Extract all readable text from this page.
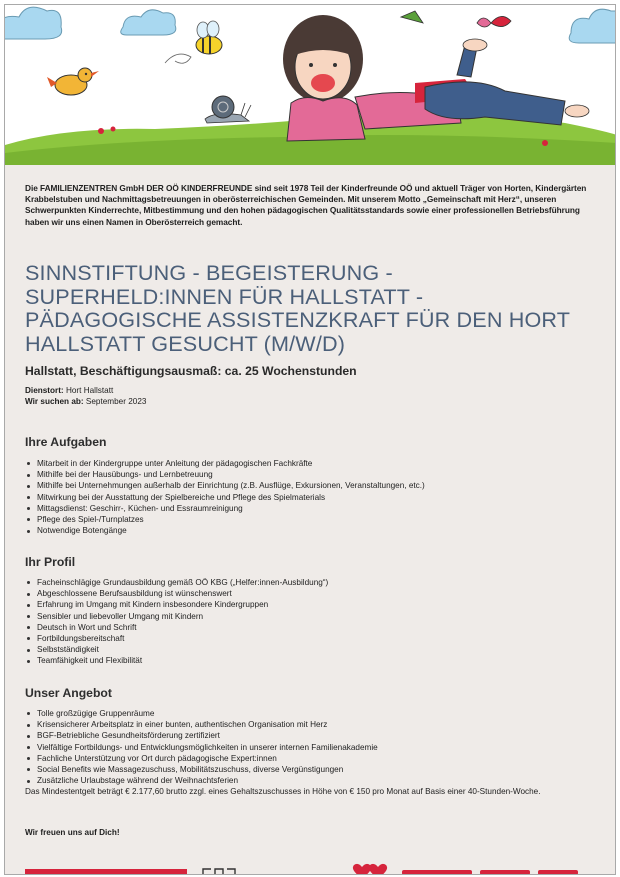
Die FAMILIENZENTREN GmbH DER OÖ KINDERFREUNDE sind seit 1978 Teil der Kinderfreunde OÖ und aktuell Träger von Horten, Kindergärten Krabbelstuben und Nachmittagsbetreuungen in oberösterreichischen Gemeinden. Mit unserem Motto „Gemeinschaft mit Herz“, unseren Schwerpunkten Kinderrechte, Mitbestimmung und den hohen pädagogischen Qualitätsstandards sowie einer professionellen Betriebsführung haben wir uns einen Namen in Oberösterreich gemacht.

SINNSTIFTUNG - BEGEISTERUNG - SUPERHELD:INNEN FÜR HALLSTATT - PÄDAGOGISCHE ASSISTENZKRAFT FÜR DEN HORT HALLSTATT GESUCHT (M/W/D)
Hallstatt, Beschäftigungsausmaß: ca. 25 Wochenstunden
Dienstort: Hort Hallstatt
Wir suchen ab: September 2023
Ihre Aufgaben
Mitarbeit in der Kindergruppe unter Anleitung der pädagogischen Fachkräfte
Mithilfe bei der Hausübungs- und Lernbetreuung
Mithilfe bei Unternehmungen außerhalb der Einrichtung (z.B. Ausflüge, Exkursionen, Veranstaltungen, etc.)
Mitwirkung bei der Ausstattung der Spielbereiche und Pflege des Spielmaterials
Mittagsdienst: Geschirr-, Küchen- und Essraumreinigung
Pflege des Spiel-/Turnplatzes
Notwendige Botengänge
Ihr Profil
Facheinschlägige Grundausbildung gemäß OÖ KBG („Helfer:innen-Ausbildung“)
Abgeschlossene Berufsausbildung ist wünschenswert
Erfahrung im Umgang mit Kindern insbesondere Kindergruppen
Sensibler und liebevoller Umgang mit Kindern
Deutsch in Wort und Schrift
Fortbildungsbereitschaft
Selbstständigkeit
Teamfähigkeit und Flexibilität
Unser Angebot
Tolle großzügige Gruppenräume
Krisensicherer Arbeitsplatz in einer bunten, authentischen Organisation mit Herz
BGF-Betriebliche Gesundheitsförderung zertifiziert
Vielfältige Fortbildungs- und Entwicklungsmöglichkeiten in unserer internen Familienakademie
Fachliche Unterstützung vor Ort durch pädagogische Expert:innen
Social Benefits wie Massagezuschuss, Mobilitätszuschuss, diverse Vergünstigungen
Zusätzliche Urlaubstage während der Weihnachtsferien
Das Mindestentgelt beträgt € 2.177,60 brutto zzgl. eines Gehaltszuschusses in Höhe von € 150 pro Monat auf Basis einer 40-Stunden-Woche.
Wir freuen uns auf Dich!
